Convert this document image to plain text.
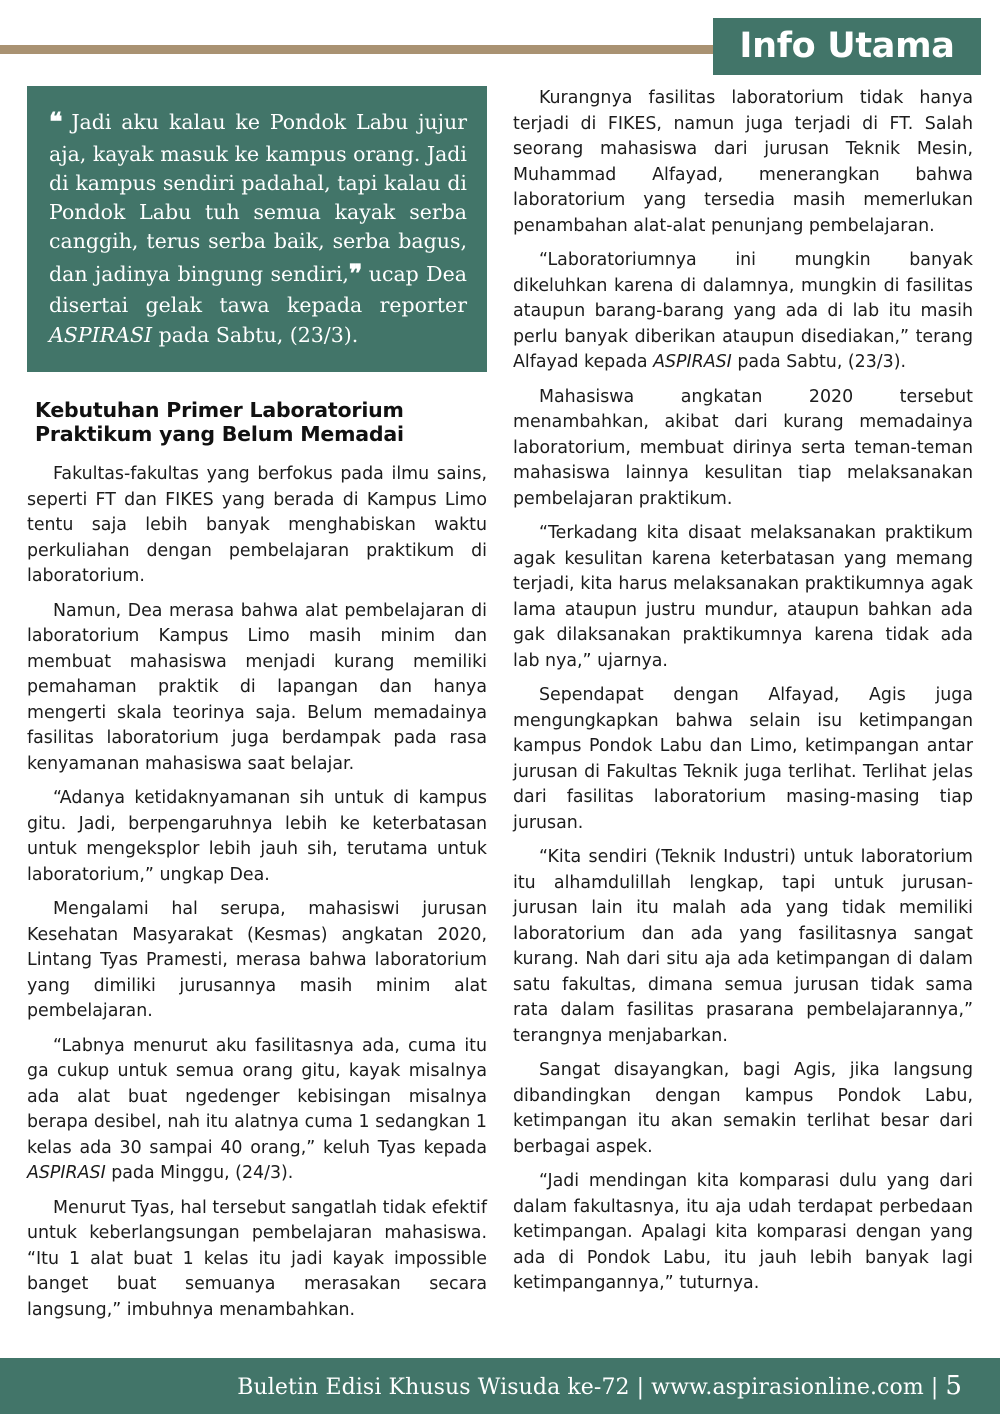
Info Utama

❝ Jadi aku kalau ke Pondok Labu jujur aja, kayak masuk ke kampus orang. Jadi di kampus sendiri padahal, tapi kalau di Pondok Labu tuh semua kayak serba canggih, terus serba baik, serba bagus, dan jadinya bingung sendiri,❞ ucap Dea disertai gelak tawa kepada reporter ASPIRASI pada Sabtu, (23/3).

Kebutuhan Primer Laboratorium Praktikum yang Belum Memadai

Fakultas-fakultas yang berfokus pada ilmu sains, seperti FT dan FIKES yang berada di Kampus Limo tentu saja lebih banyak menghabiskan waktu perkuliahan dengan pembelajaran praktikum di laboratorium.

Namun, Dea merasa bahwa alat pembelajaran di laboratorium Kampus Limo masih minim dan membuat mahasiswa menjadi kurang memiliki pemahaman praktik di lapangan dan hanya mengerti skala teorinya saja. Belum memadainya fasilitas laboratorium juga berdampak pada rasa kenyamanan mahasiswa saat belajar.

“Adanya ketidaknyamanan sih untuk di kampus gitu. Jadi, berpengaruhnya lebih ke keterbatasan untuk mengeksplor lebih jauh sih, terutama untuk laboratorium,” ungkap Dea.

Mengalami hal serupa, mahasiswi jurusan Kesehatan Masyarakat (Kesmas) angkatan 2020, Lintang Tyas Pramesti, merasa bahwa laboratorium yang dimiliki jurusannya masih minim alat pembelajaran.

“Labnya menurut aku fasilitasnya ada, cuma itu ga cukup untuk semua orang gitu, kayak misalnya ada alat buat ngedenger kebisingan misalnya berapa desibel, nah itu alatnya cuma 1 sedangkan 1 kelas ada 30 sampai 40 orang,” keluh Tyas kepada ASPIRASI pada Minggu, (24/3).

Menurut Tyas, hal tersebut sangatlah tidak efektif untuk keberlangsungan pembelajaran mahasiswa. “Itu 1 alat buat 1 kelas itu jadi kayak impossible banget buat semuanya merasakan secara langsung,” imbuhnya menambahkan.

Kurangnya fasilitas laboratorium tidak hanya terjadi di FIKES, namun juga terjadi di FT. Salah seorang mahasiswa dari jurusan Teknik Mesin, Muhammad Alfayad, menerangkan bahwa laboratorium yang tersedia masih memerlukan penambahan alat-alat penunjang pembelajaran.

“Laboratoriumnya ini mungkin banyak dikeluhkan karena di dalamnya, mungkin di fasilitas ataupun barang-barang yang ada di lab itu masih perlu banyak diberikan ataupun disediakan,” terang Alfayad kepada ASPIRASI pada Sabtu, (23/3).

Mahasiswa angkatan 2020 tersebut menambahkan, akibat dari kurang memadainya laboratorium, membuat dirinya serta teman-teman mahasiswa lainnya kesulitan tiap melaksanakan pembelajaran praktikum.

“Terkadang kita disaat melaksanakan praktikum agak kesulitan karena keterbatasan yang memang terjadi, kita harus melaksanakan praktikumnya agak lama ataupun justru mundur, ataupun bahkan ada gak dilaksanakan praktikumnya karena tidak ada lab nya,” ujarnya.

Sependapat dengan Alfayad, Agis juga mengungkapkan bahwa selain isu ketimpangan kampus Pondok Labu dan Limo, ketimpangan antar jurusan di Fakultas Teknik juga terlihat. Terlihat jelas dari fasilitas laboratorium masing-masing tiap jurusan.

“Kita sendiri (Teknik Industri) untuk laboratorium itu alhamdulillah lengkap, tapi untuk jurusan-jurusan lain itu malah ada yang tidak memiliki laboratorium dan ada yang fasilitasnya sangat kurang. Nah dari situ aja ada ketimpangan di dalam satu fakultas, dimana semua jurusan tidak sama rata dalam fasilitas prasarana pembelajarannya,” terangnya menjabarkan.

Sangat disayangkan, bagi Agis, jika langsung dibandingkan dengan kampus Pondok Labu, ketimpangan itu akan semakin terlihat besar dari berbagai aspek.

“Jadi mendingan kita komparasi dulu yang dari dalam fakultasnya, itu aja udah terdapat perbedaan ketimpangan. Apalagi kita komparasi dengan yang ada di Pondok Labu, itu jauh lebih banyak lagi ketimpangannya,” tuturnya.

Buletin Edisi Khusus Wisuda ke-72 | www.aspirasionline.com | 5
